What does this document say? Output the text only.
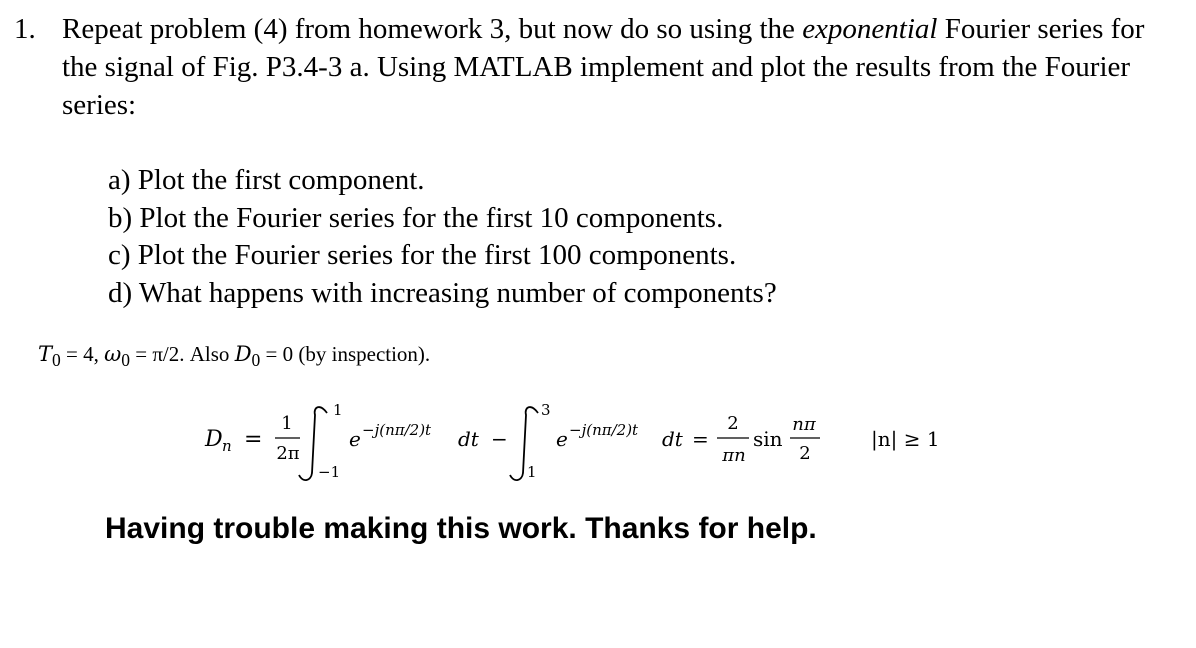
1. Repeat problem (4) from homework 3, but now do so using the exponential Fourier series for the signal of Fig. P3.4-3 a. Using MATLAB implement and plot the results from the Fourier series:
a) Plot the first component.
b) Plot the Fourier series for the first 10 components.
c) Plot the Fourier series for the first 100 components.
d) What happens with increasing number of components?
$T_0 = 4$, $\omega_0 = \pi/2$. Also $D_0 = 0$ (by inspection).
D n =
1
2π
1
−1
e −j(nπ/2)t dt −
3
1
e −j(nπ/2)t dt =
2
πn
sin
nπ
2
|n| ≥ 1
Having trouble making this work. Thanks for help.
